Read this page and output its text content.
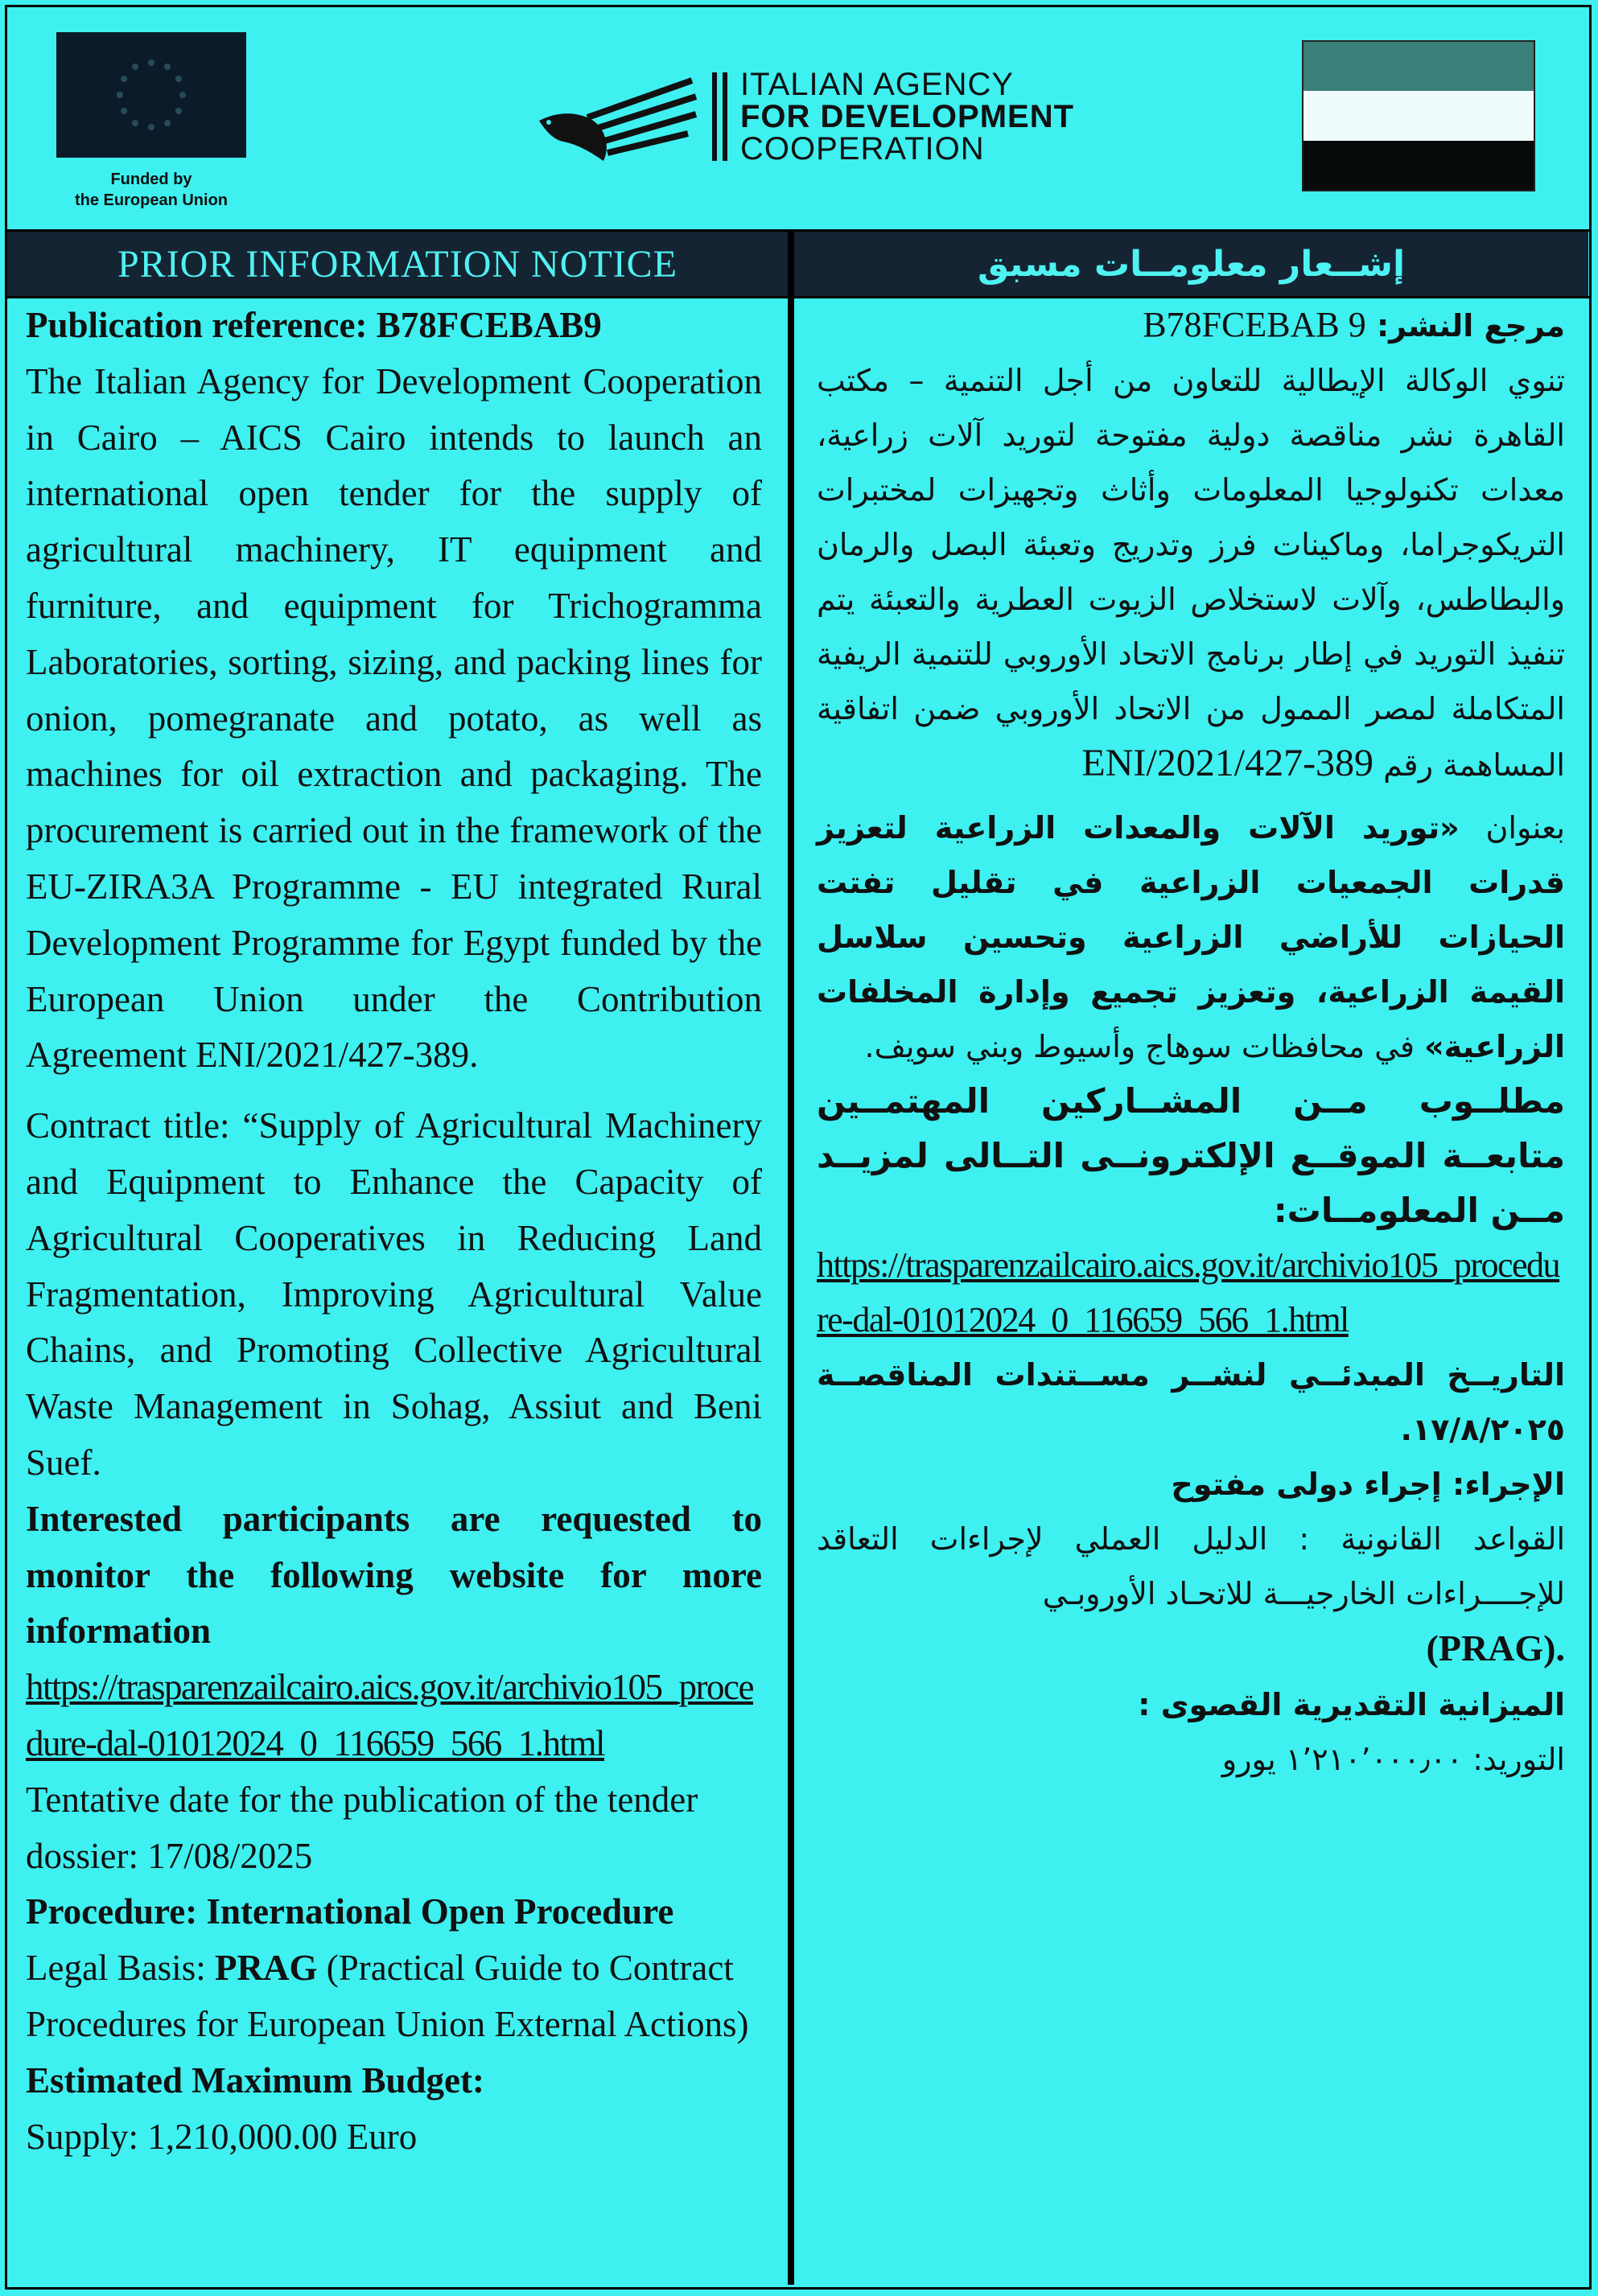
Funded by
the European Union
ITALIAN AGENCY
FOR DEVELOPMENT
COOPERATION
PRIOR INFORMATION NOTICE	إشــعار معلومــات مسبق

Publication reference: B78FCEBAB9

The Italian Agency for Development Cooperation in Cairo – AICS Cairo intends to launch an international open tender for the supply of agricultural machinery, IT equipment and furniture, and equipment for Trichogramma Laboratories, sorting, sizing, and packing lines for onion, pomegranate and potato, as well as machines for oil extraction and packaging. The procurement is carried out in the framework of the EU-ZIRA3A Programme - EU integrated Rural Development Programme for Egypt funded by the European Union under the Contribution Agreement ENI/2021/427-389.

Contract title: “Supply of Agricultural Machinery and Equipment to Enhance the Capacity of Agricultural Cooperatives in Reducing Land Fragmentation, Improving Agricultural Value Chains, and Promoting Collective Agricultural Waste Management in Sohag, Assiut and Beni Suef.

Interested participants are requested to monitor the following website for more information

https://trasparenzailcairo.aics.gov.it/archivio105_procedure-dal-01012024_0_116659_566_1.html

Tentative date for the publication of the tender dossier: 17/08/2025

Procedure: International Open Procedure

Legal Basis: PRAG (Practical Guide to Contract Procedures for European Union External Actions)

Estimated Maximum Budget:

Supply: 1,210,000.00 Euro

مرجع النشر: B78FCEBAB 9

تنوي الوكالة الإيطالية للتعاون من أجل التنمية – مكتب القاهرة نشر مناقصة دولية مفتوحة لتوريد آلات زراعية، معدات تكنولوجيا المعلومات وأثاث وتجهيزات لمختبرات التريكوجراما، وماكينات فرز وتدريج وتعبئة البصل والرمان والبطاطس، وآلات لاستخلاص الزيوت العطرية والتعبئة يتم تنفيذ التوريد في إطار برنامج الاتحاد الأوروبي للتنمية الريفية المتكاملة لمصر الممول من الاتحاد الأوروبي ضمن اتفاقية المساهمة رقم ENI/2021/427-389

بعنوان «توريد الآلات والمعدات الزراعية لتعزيز قدرات الجمعيات الزراعية في تقليل تفتت الحيازات للأراضي الزراعية وتحسين سلاسل القيمة الزراعية، وتعزيز تجميع وإدارة المخلفات الزراعية» في محافظات سوهاج وأسيوط وبني سويف.

مطلــوب مــن المشــاركين المهتمــين متابعــة الموقــع الإلكترونــى التــالى لمزيــد مــن المعلومــات:

https://trasparenzailcairo.aics.gov.it/archivio105_procedure-dal-01012024_0_116659_566_1.html

التاريــخ المبدئــي لنشــر مســتندات المناقصــة ١٧/٨/٢٠٢٥.

الإجراء: إجراء دولى مفتوح

القواعد القانونية : الدليل العملي لإجراءات التعاقد للإجــــراءات الخارجيـــة للاتحـاد الأوروبـي

(PRAG).

الميزانية التقديرية القصوى :

التوريد: ١٬٢١٠٬٠٠٠٫٠٠ يورو
